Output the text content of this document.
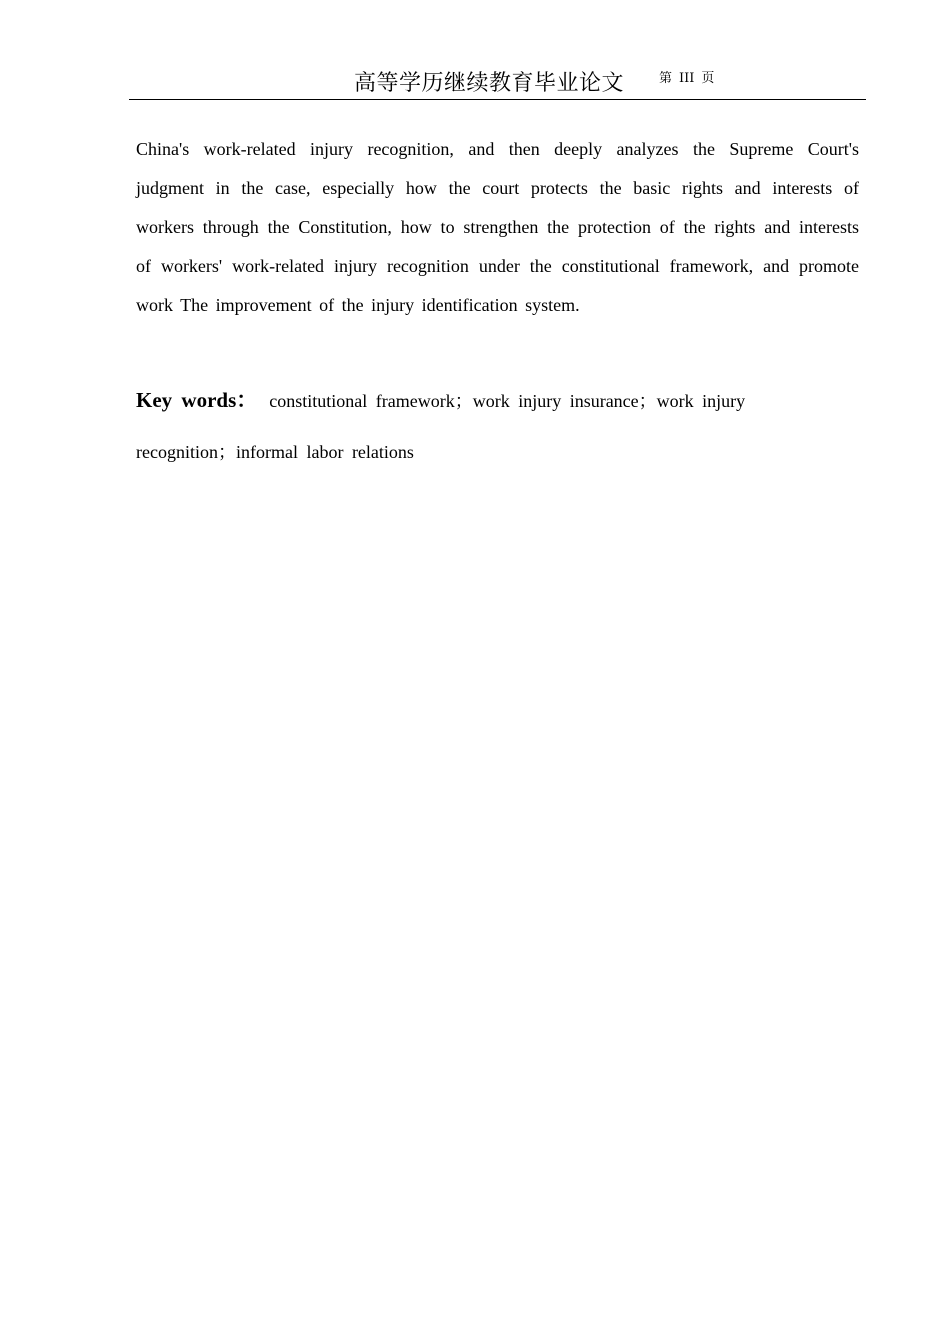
高等学历继续教育毕业论文	第 III 页

China's work-related injury recognition, and then deeply analyzes the Supreme Court's judgment in the case, especially how the court protects the basic rights and interests of workers through the Constitution, how to strengthen the protection of the rights and interests of workers' work-related injury recognition under the constitutional framework, and promote work The improvement of the injury identification system.

Key words： constitutional framework；work injury insurance；work injury recognition；informal labor relations
